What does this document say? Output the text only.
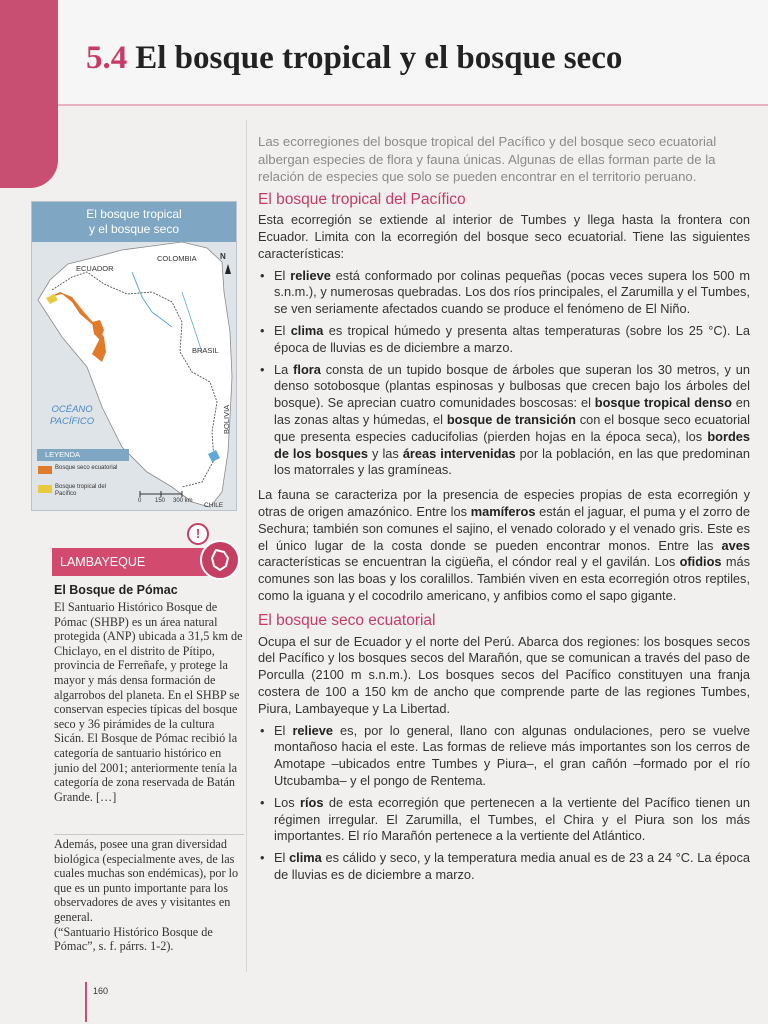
5.4 El bosque tropical y el bosque seco
El bosque tropical
y el bosque seco
COLOMBIA
ECUADOR
BRASIL
BOLIVIA
CHILE
N
OCÉANO
PACÍFICO
LEYENDA
Bosque seco ecuatorial
Bosque tropical del Pacífico
0 150 300 km
!
LAMBAYEQUE
El Bosque de Pómac

El Santuario Histórico Bosque de Pómac (SHBP) es un área natural protegida (ANP) ubicada a 31,5 km de Chiclayo, en el distrito de Pítipo, provincia de Ferreñafe, y protege la mayor y más densa formación de algarrobos del planeta. En el SHBP se conservan especies típicas del bosque seco y 36 pirámides de la cultura Sicán. El Bosque de Pómac recibió la categoría de santuario histórico en junio del 2001; anteriormente tenía la categoría de zona reservada de Batán Grande. […]

Además, posee una gran diversidad biológica (especialmente aves, de las cuales muchas son endémicas), por lo que es un punto importante para los observadores de aves y visitantes en general.

(“Santuario Histórico Bosque de Pómac”, s. f. párrs. 1-2).

Las ecorregiones del bosque tropical del Pacífico y del bosque seco ecuatorial albergan especies de flora y fauna únicas. Algunas de ellas forman parte de la relación de especies que solo se pueden encontrar en el territorio peruano.

El bosque tropical del Pacífico

Esta ecorregión se extiende al interior de Tumbes y llega hasta la frontera con Ecuador. Limita con la ecorregión del bosque seco ecuatorial. Tiene las siguientes características:

• El relieve está conformado por colinas pequeñas (pocas veces supera los 500 m s.n.m.), y numerosas quebradas. Los dos ríos principales, el Zarumilla y el Tumbes, se ven seriamente afectados cuando se produce el fenómeno de El Niño.
• El clima es tropical húmedo y presenta altas temperaturas (sobre los 25 °C). La época de lluvias es de diciembre a marzo.
• La flora consta de un tupido bosque de árboles que superan los 30 metros, y un denso sotobosque (plantas espinosas y bulbosas que crecen bajo los árboles del bosque). Se aprecian cuatro comunidades boscosas: el bosque tropical denso en las zonas altas y húmedas, el bosque de transición con el bosque seco ecuatorial que presenta especies caducifolias (pierden hojas en la época seca), los bordes de los bosques y las áreas intervenidas por la población, en las que predominan los matorrales y las gramíneas.

La fauna se caracteriza por la presencia de especies propias de esta ecorregión y otras de origen amazónico. Entre los mamíferos están el jaguar, el puma y el zorro de Sechura; también son comunes el sajino, el venado colorado y el venado gris. Este es el único lugar de la costa donde se pueden encontrar monos. Entre las aves características se encuentran la cigüeña, el cóndor real y el gavilán. Los ofidios más comunes son las boas y los coralillos. También viven en esta ecorregión otros reptiles, como la iguana y el cocodrilo americano, y anfibios como el sapo gigante.

El bosque seco ecuatorial

Ocupa el sur de Ecuador y el norte del Perú. Abarca dos regiones: los bosques secos del Pacífico y los bosques secos del Marañón, que se comunican a través del paso de Porculla (2100 m s.n.m.). Los bosques secos del Pacífico constituyen una franja costera de 100 a 150 km de ancho que comprende parte de las regiones Tumbes, Piura, Lambayeque y La Libertad.

• El relieve es, por lo general, llano con algunas ondulaciones, pero se vuelve montañoso hacia el este. Las formas de relieve más importantes son los cerros de Amotape –ubicados entre Tumbes y Piura–, el gran cañón –formado por el río Utcubamba– y el pongo de Rentema.
• Los ríos de esta ecorregión que pertenecen a la vertiente del Pacífico tienen un régimen irregular. El Zarumilla, el Tumbes, el Chira y el Piura son los más importantes. El río Marañón pertenece a la vertiente del Atlántico.
• El clima es cálido y seco, y la temperatura media anual es de 23 a 24 °C. La época de lluvias es de diciembre a marzo.
160
